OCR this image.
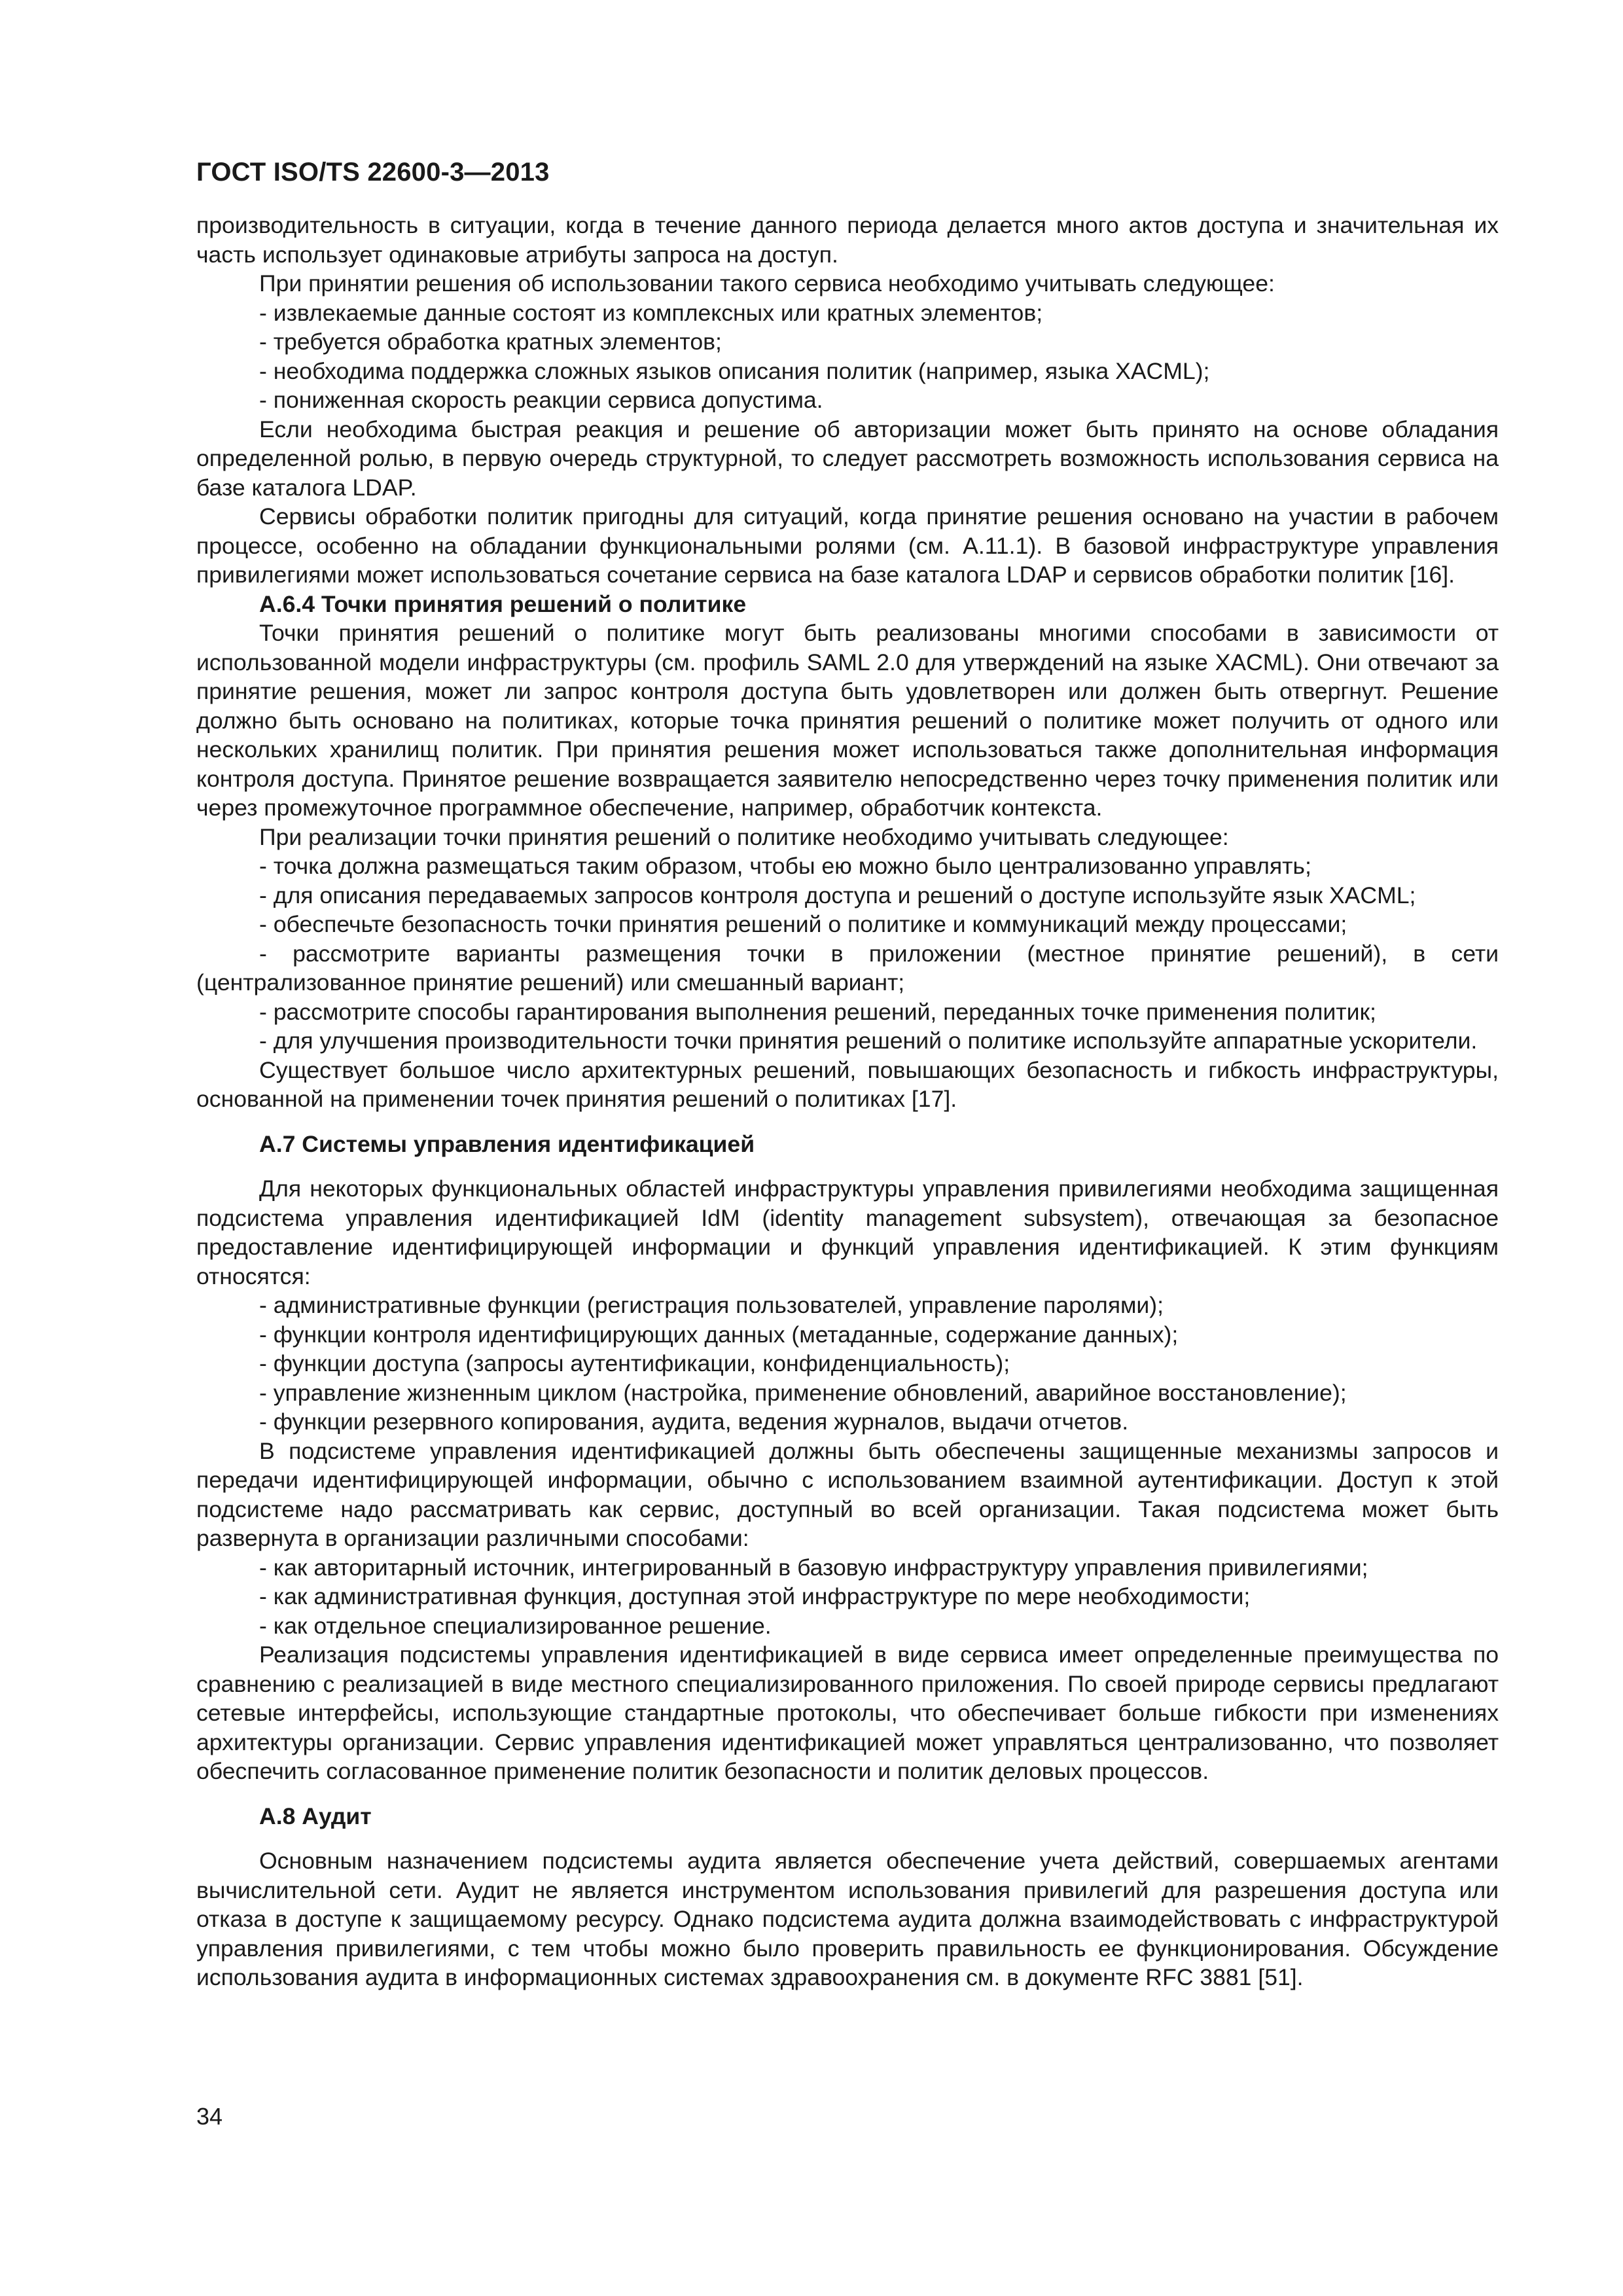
ГОСТ ISO/TS 22600-3—2013

производительность в ситуации, когда в течение данного периода делается много актов доступа и значительная их часть использует одинаковые атрибуты запроса на доступ.

При принятии решения об использовании такого сервиса необходимо учитывать следующее:

- извлекаемые данные состоят из комплексных или кратных элементов;

- требуется обработка кратных элементов;

- необходима поддержка сложных языков описания политик (например, языка XACML);

- пониженная скорость реакции сервиса допустима.

Если необходима быстрая реакция и решение об авторизации может быть принято на основе обладания определенной ролью, в первую очередь структурной, то следует рассмотреть возможность использования сервиса на базе каталога LDAP.

Сервисы обработки политик пригодны для ситуаций, когда принятие решения основано на участии в рабочем процессе, особенно на обладании функциональными ролями (см. А.11.1). В базовой инфраструктуре управления привилегиями может использоваться сочетание сервиса на базе каталога LDAP и сервисов обработки политик [16].

А.6.4 Точки принятия решений о политике

Точки принятия решений о политике могут быть реализованы многими способами в зависимости от использованной модели инфраструктуры (см. профиль SAML 2.0 для утверждений на языке XACML). Они отвечают за принятие решения, может ли запрос контроля доступа быть удовлетворен или должен быть отвергнут. Решение должно быть основано на политиках, которые точка принятия решений о политике может получить от одного или нескольких хранилищ политик. При принятия решения может использоваться также дополнительная информация контроля доступа. Принятое решение возвращается заявителю непосредственно через точку применения политик или через промежуточное программное обеспечение, например, обработчик контекста.

При реализации точки принятия решений о политике необходимо учитывать следующее:

- точка должна размещаться таким образом, чтобы ею можно было централизованно управлять;

- для описания передаваемых запросов контроля доступа и решений о доступе используйте язык XACML;

- обеспечьте безопасность точки принятия решений о политике и коммуникаций между процессами;

- рассмотрите варианты размещения точки в приложении (местное принятие решений), в сети (централизованное принятие решений) или смешанный вариант;

- рассмотрите способы гарантирования выполнения решений, переданных точке применения политик;

- для улучшения производительности точки принятия решений о политике используйте аппаратные ускорители.

Существует большое число архитектурных решений, повышающих безопасность и гибкость инфраструктуры, основанной на применении точек принятия решений о политиках [17].

А.7 Системы управления идентификацией

Для некоторых функциональных областей инфраструктуры управления привилегиями необходима защищенная подсистема управления идентификацией IdM (identity management subsystem), отвечающая за безопасное предоставление идентифицирующей информации и функций управления идентификацией. К этим функциям относятся:

- административные функции (регистрация пользователей, управление паролями);

- функции контроля идентифицирующих данных (метаданные, содержание данных);

- функции доступа (запросы аутентификации, конфиденциальность);

- управление жизненным циклом (настройка, применение обновлений, аварийное восстановление);

- функции резервного копирования, аудита, ведения журналов, выдачи отчетов.

В подсистеме управления идентификацией должны быть обеспечены защищенные механизмы запросов и передачи идентифицирующей информации, обычно с использованием взаимной аутентификации. Доступ к этой подсистеме надо рассматривать как сервис, доступный во всей организации. Такая подсистема может быть развернута в организации различными способами:

- как авторитарный источник, интегрированный в базовую инфраструктуру управления привилегиями;

- как административная функция, доступная этой инфраструктуре по мере необходимости;

- как отдельное специализированное решение.

Реализация подсистемы управления идентификацией в виде сервиса имеет определенные преимущества по сравнению с реализацией в виде местного специализированного приложения. По своей природе сервисы предлагают сетевые интерфейсы, использующие стандартные протоколы, что обеспечивает больше гибкости при изменениях архитектуры организации. Сервис управления идентификацией может управляться централизованно, что позволяет обеспечить согласованное применение политик безопасности и политик деловых процессов.

А.8 Аудит

Основным назначением подсистемы аудита является обеспечение учета действий, совершаемых агентами вычислительной сети. Аудит не является инструментом использования привилегий для разрешения доступа или отказа в доступе к защищаемому ресурсу. Однако подсистема аудита должна взаимодействовать с инфраструктурой управления привилегиями, с тем чтобы можно было проверить правильность ее функционирования. Обсуждение использования аудита в информационных системах здравоохранения см. в документе RFC 3881 [51].

34
